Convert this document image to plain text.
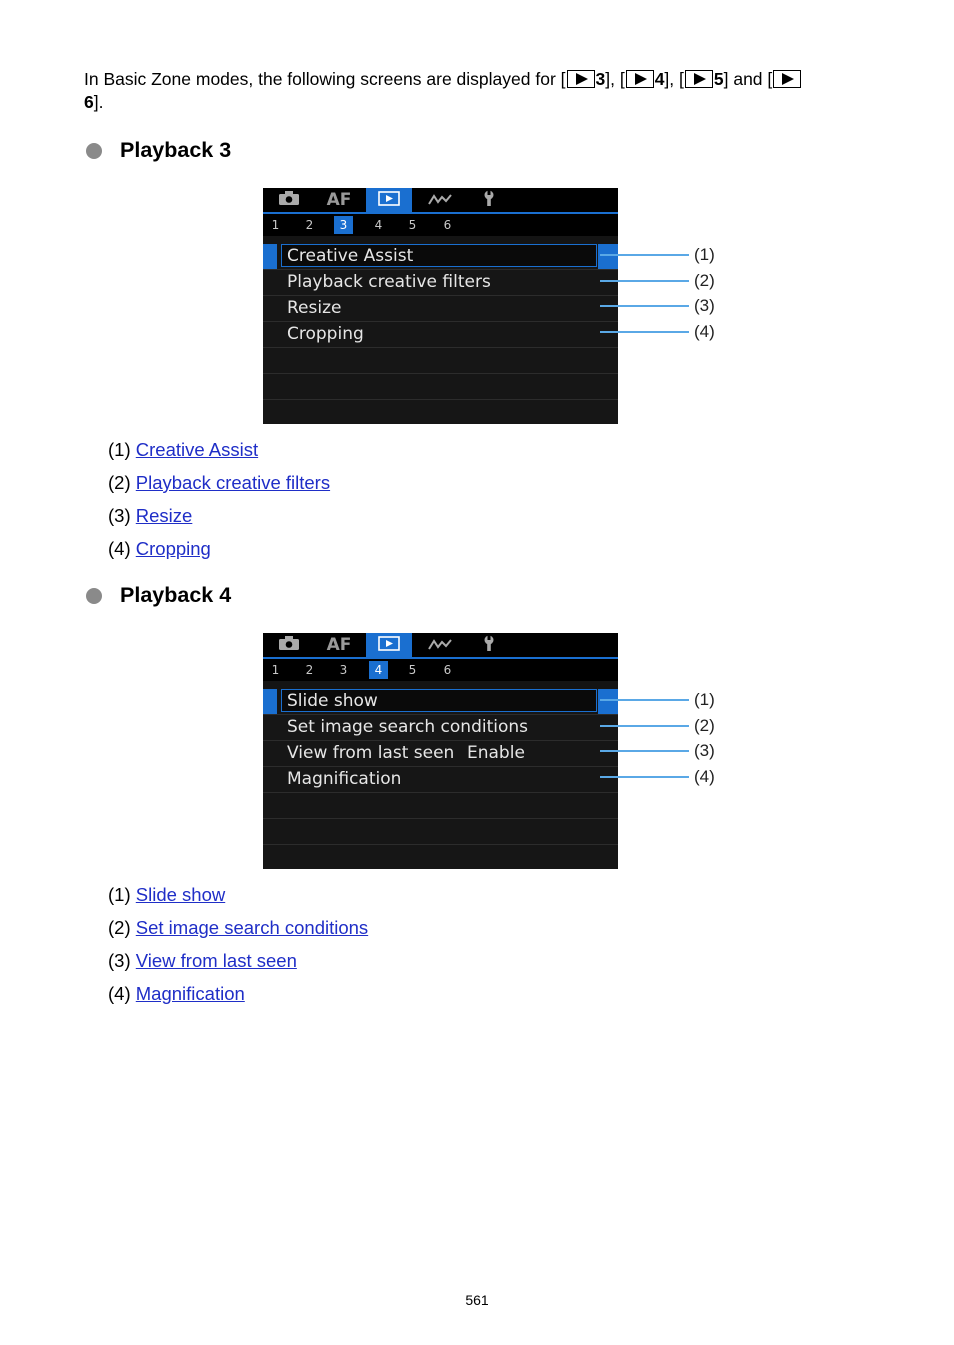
In Basic Zone modes, the following screens are displayed for [ 3], [ 4], [ 5] and [
6].
Playback 3
AF
1	2	3	4	5	6
Creative Assist
Playback creative filters
Resize
Cropping
(1)
(2)
(3)
(4)
(1) Creative Assist
(2) Playback creative filters
(3) Resize
(4) Cropping
Playback 4
AF
1	2	3	4	5	6
Slide show
Set image search conditions
View from last seen Enable
Magnification
(1)
(2)
(3)
(4)
(1) Slide show
(2) Set image search conditions
(3) View from last seen
(4) Magnification
561
